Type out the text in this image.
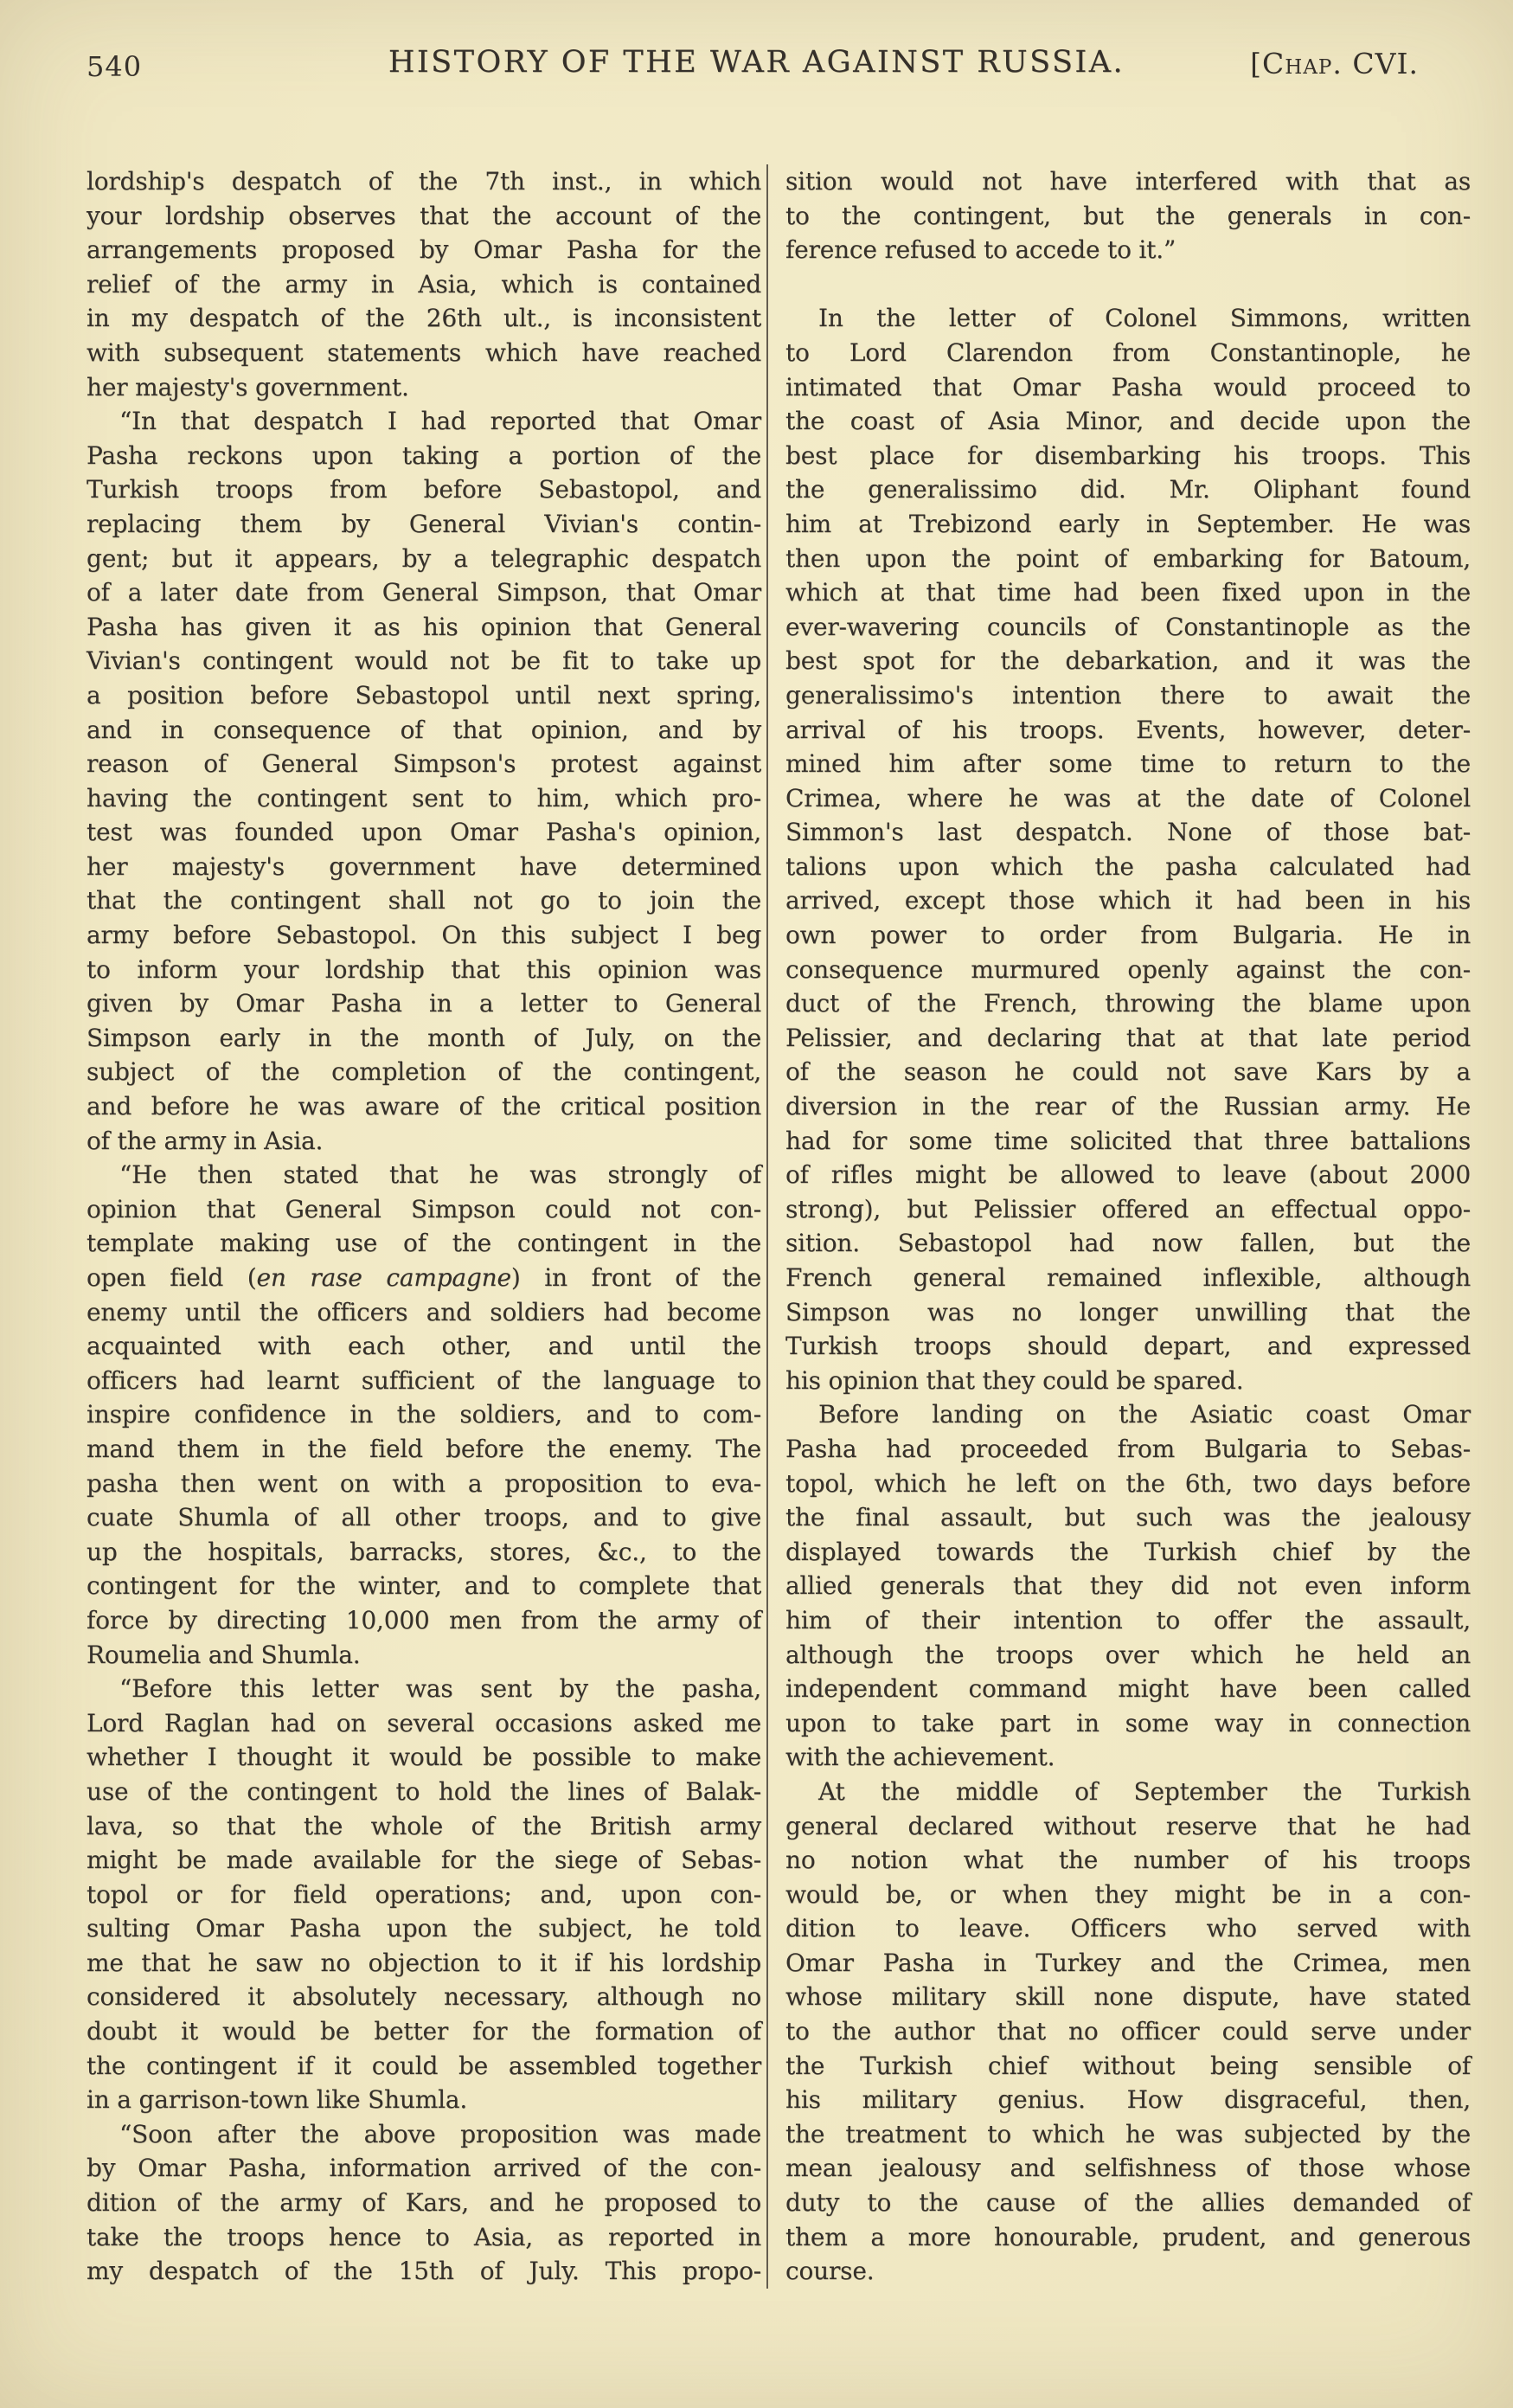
540	HISTORY OF THE WAR AGAINST RUSSIA.	[Chap. CVI.
lordship's despatch of the 7th inst., in which
your lordship observes that the account of the
arrangements proposed by Omar Pasha for the
relief of the army in Asia, which is contained
in my despatch of the 26th ult., is inconsistent
with subsequent statements which have reached
her majesty's government.
“In that despatch I had reported that Omar
Pasha reckons upon taking a portion of the
Turkish troops from before Sebastopol, and
replacing them by General Vivian's contin-
gent; but it appears, by a telegraphic despatch
of a later date from General Simpson, that Omar
Pasha has given it as his opinion that General
Vivian's contingent would not be fit to take up
a position before Sebastopol until next spring,
and in consequence of that opinion, and by
reason of General Simpson's protest against
having the contingent sent to him, which pro-
test was founded upon Omar Pasha's opinion,
her majesty's government have determined
that the contingent shall not go to join the
army before Sebastopol. On this subject I beg
to inform your lordship that this opinion was
given by Omar Pasha in a letter to General
Simpson early in the month of July, on the
subject of the completion of the contingent,
and before he was aware of the critical position
of the army in Asia.
“He then stated that he was strongly of
opinion that General Simpson could not con-
template making use of the contingent in the
open field (en rase campagne) in front of the
enemy until the officers and soldiers had become
acquainted with each other, and until the
officers had learnt sufficient of the language to
inspire confidence in the soldiers, and to com-
mand them in the field before the enemy. The
pasha then went on with a proposition to eva-
cuate Shumla of all other troops, and to give
up the hospitals, barracks, stores, &c., to the
contingent for the winter, and to complete that
force by directing 10,000 men from the army of
Roumelia and Shumla.
“Before this letter was sent by the pasha,
Lord Raglan had on several occasions asked me
whether I thought it would be possible to make
use of the contingent to hold the lines of Balak-
lava, so that the whole of the British army
might be made available for the siege of Sebas-
topol or for field operations; and, upon con-
sulting Omar Pasha upon the subject, he told
me that he saw no objection to it if his lordship
considered it absolutely necessary, although no
doubt it would be better for the formation of
the contingent if it could be assembled together
in a garrison-town like Shumla.
“Soon after the above proposition was made
by Omar Pasha, information arrived of the con-
dition of the army of Kars, and he proposed to
take the troops hence to Asia, as reported in
my despatch of the 15th of July. This propo-
sition would not have interfered with that as
to the contingent, but the generals in con-
ference refused to accede to it.”
In the letter of Colonel Simmons, written
to Lord Clarendon from Constantinople, he
intimated that Omar Pasha would proceed to
the coast of Asia Minor, and decide upon the
best place for disembarking his troops. This
the generalissimo did. Mr. Oliphant found
him at Trebizond early in September. He was
then upon the point of embarking for Batoum,
which at that time had been fixed upon in the
ever-wavering councils of Constantinople as the
best spot for the debarkation, and it was the
generalissimo's intention there to await the
arrival of his troops. Events, however, deter-
mined him after some time to return to the
Crimea, where he was at the date of Colonel
Simmon's last despatch. None of those bat-
talions upon which the pasha calculated had
arrived, except those which it had been in his
own power to order from Bulgaria. He in
consequence murmured openly against the con-
duct of the French, throwing the blame upon
Pelissier, and declaring that at that late period
of the season he could not save Kars by a
diversion in the rear of the Russian army. He
had for some time solicited that three battalions
of rifles might be allowed to leave (about 2000
strong), but Pelissier offered an effectual oppo-
sition. Sebastopol had now fallen, but the
French general remained inflexible, although
Simpson was no longer unwilling that the
Turkish troops should depart, and expressed
his opinion that they could be spared.
Before landing on the Asiatic coast Omar
Pasha had proceeded from Bulgaria to Sebas-
topol, which he left on the 6th, two days before
the final assault, but such was the jealousy
displayed towards the Turkish chief by the
allied generals that they did not even inform
him of their intention to offer the assault,
although the troops over which he held an
independent command might have been called
upon to take part in some way in connection
with the achievement.
At the middle of September the Turkish
general declared without reserve that he had
no notion what the number of his troops
would be, or when they might be in a con-
dition to leave. Officers who served with
Omar Pasha in Turkey and the Crimea, men
whose military skill none dispute, have stated
to the author that no officer could serve under
the Turkish chief without being sensible of
his military genius. How disgraceful, then,
the treatment to which he was subjected by the
mean jealousy and selfishness of those whose
duty to the cause of the allies demanded of
them a more honourable, prudent, and generous
course.
